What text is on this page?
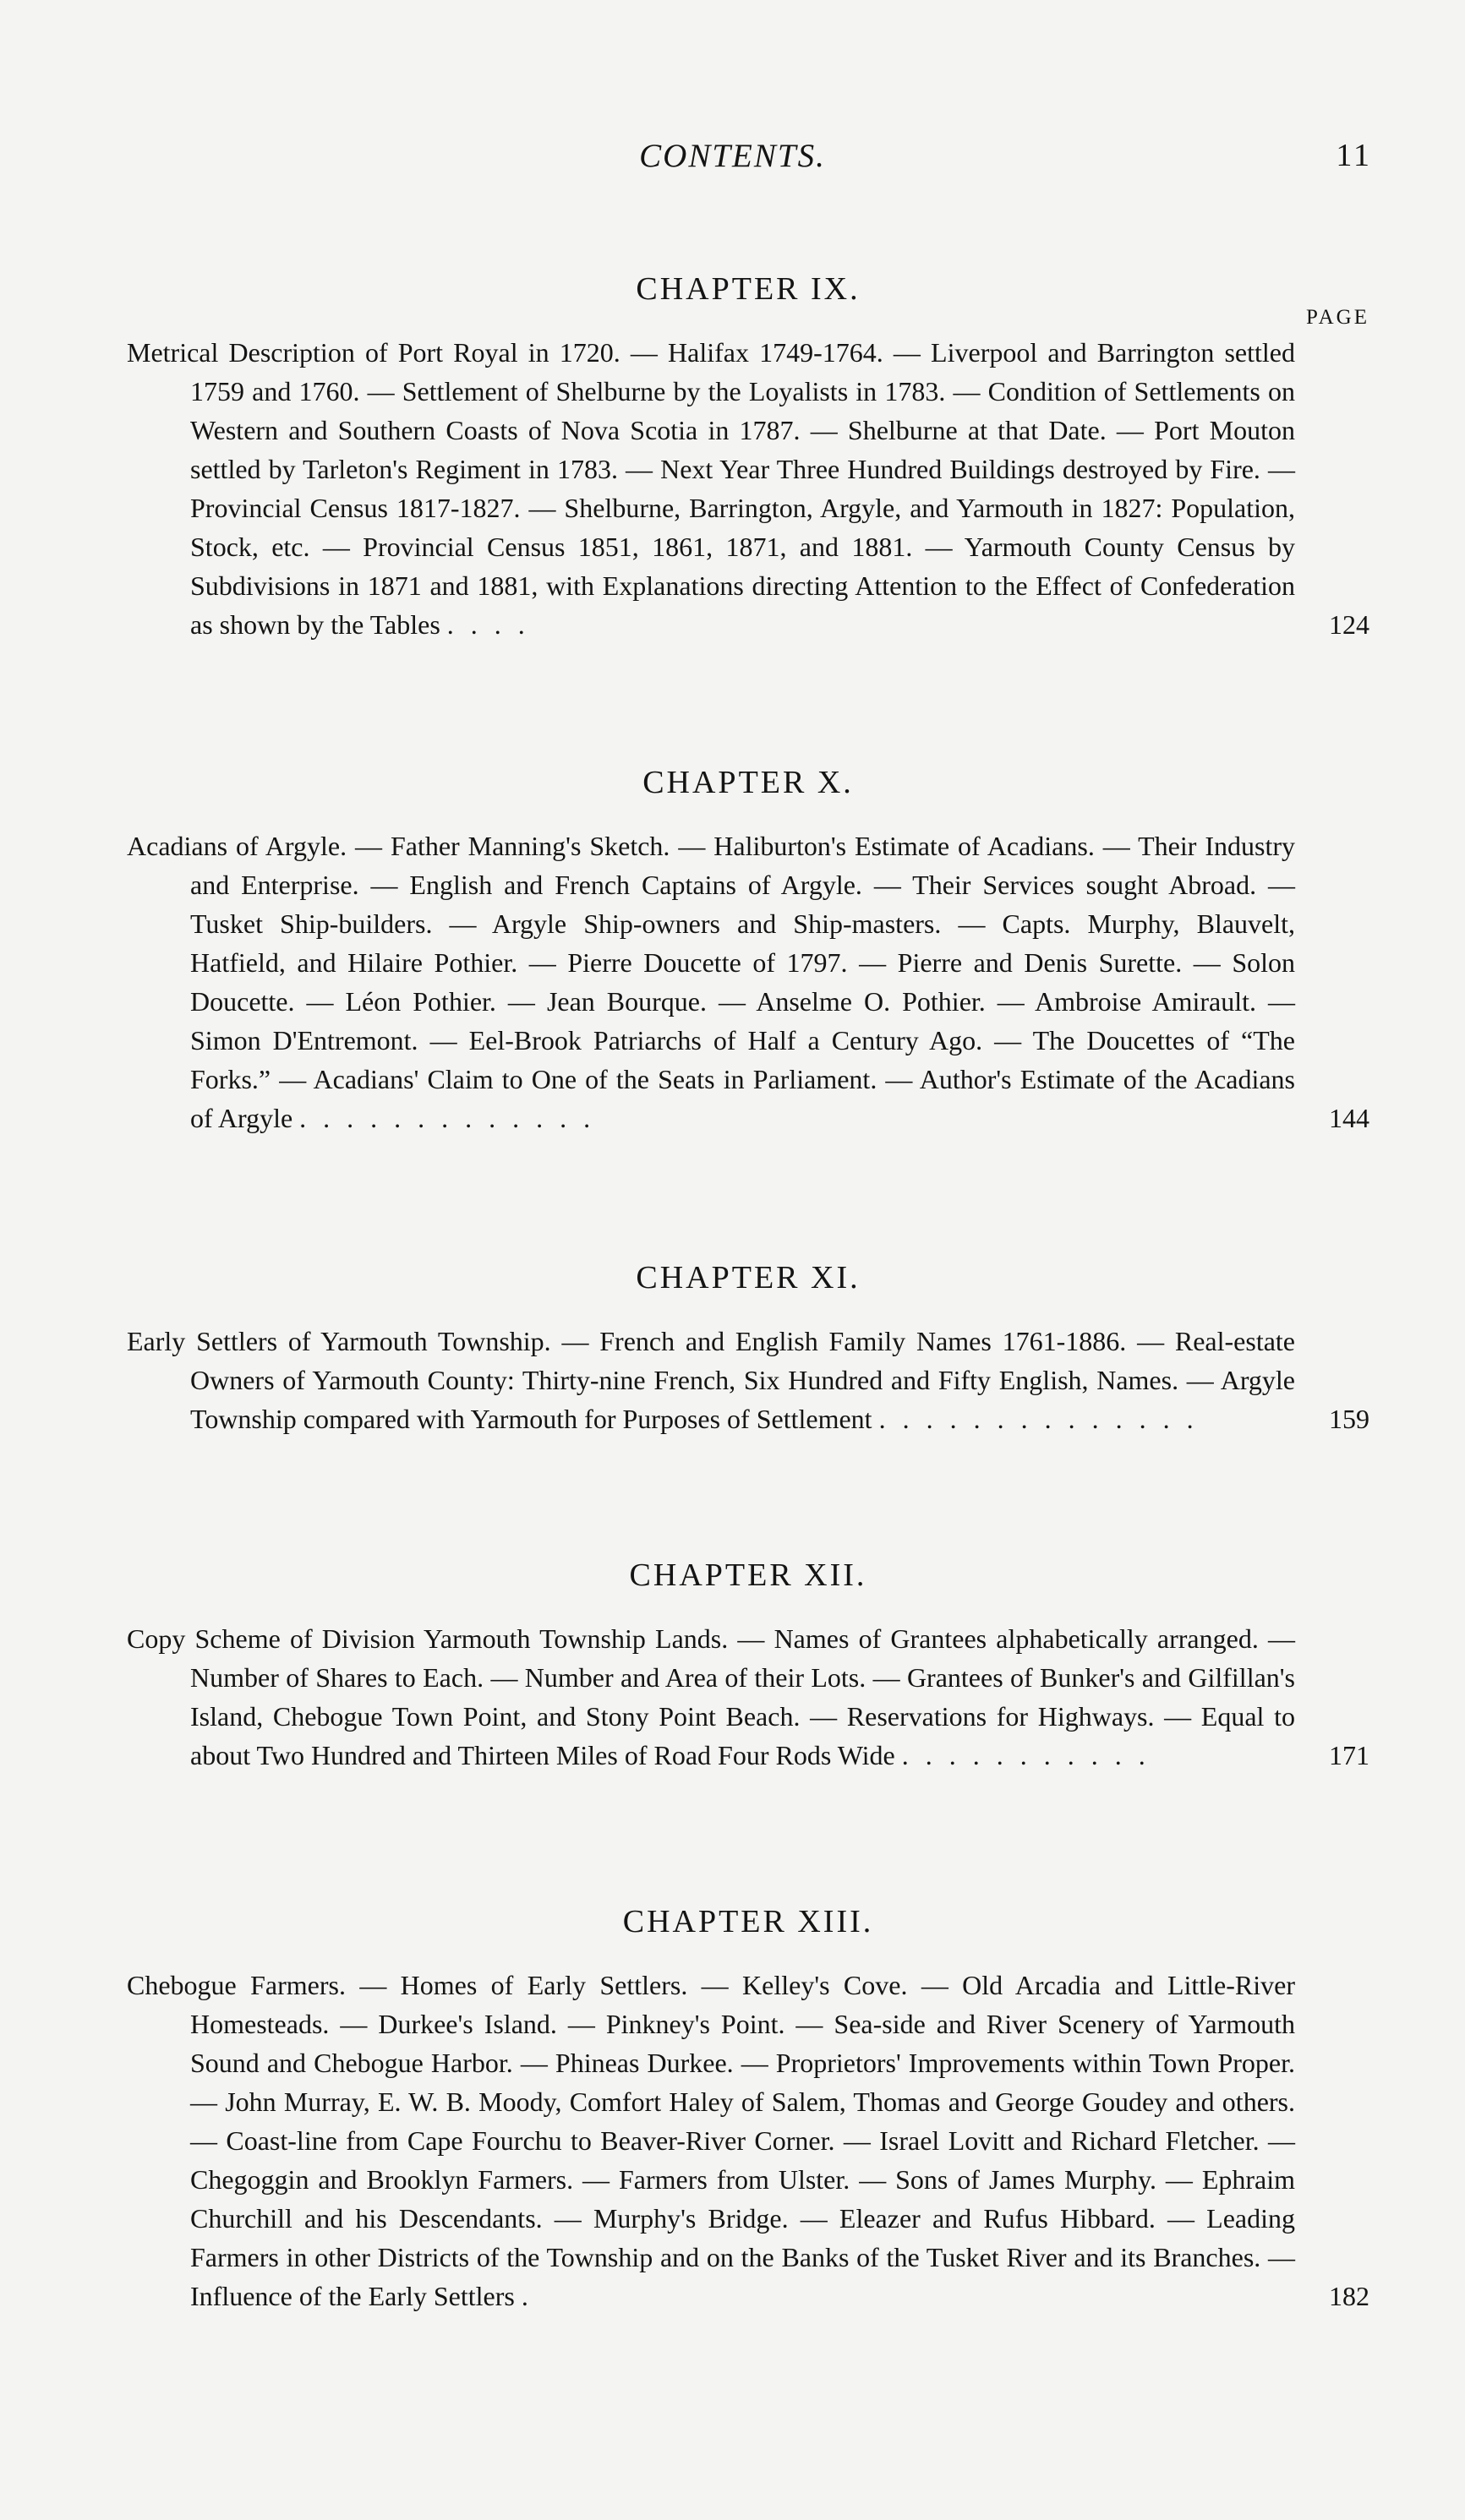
CONTENTS.	11
CHAPTER IX.
PAGE

Metrical Description of Port Royal in 1720. — Halifax 1749-1764. — Liverpool and Barrington settled 1759 and 1760. — Settlement of Shelburne by the Loyalists in 1783. — Condition of Settlements on Western and Southern Coasts of Nova Scotia in 1787. — Shelburne at that Date. — Port Mouton settled by Tarleton's Regiment in 1783. — Next Year Three Hundred Buildings destroyed by Fire. — Provincial Census 1817-1827. — Shelburne, Barrington, Argyle, and Yarmouth in 1827: Population, Stock, etc. — Provincial Census 1851, 1861, 1871, and 1881. — Yarmouth County Census by Subdivisions in 1871 and 1881, with Explanations directing Attention to the Effect of Confederation as shown by the Tables . . . .	124

CHAPTER X.

Acadians of Argyle. — Father Manning's Sketch. — Haliburton's Estimate of Acadians. — Their Industry and Enterprise. — English and French Captains of Argyle. — Their Services sought Abroad. — Tusket Ship-builders. — Argyle Ship-owners and Ship-masters. — Capts. Murphy, Blauvelt, Hatfield, and Hilaire Pothier. — Pierre Doucette of 1797. — Pierre and Denis Surette. — Solon Doucette. — Léon Pothier. — Jean Bourque. — Anselme O. Pothier. — Ambroise Amirault. — Simon D'Entremont. — Eel-Brook Patriarchs of Half a Century Ago. — The Doucettes of “The Forks.” — Acadians' Claim to One of the Seats in Parliament. — Author's Estimate of the Acadians of Argyle . . . . . . . . . . . . .	144

CHAPTER XI.

Early Settlers of Yarmouth Township. — French and English Family Names 1761-1886. — Real-estate Owners of Yarmouth County: Thirty-nine French, Six Hundred and Fifty English, Names. — Argyle Township compared with Yarmouth for Purposes of Settlement . . . . . . . . . . . . . .	159

CHAPTER XII.

Copy Scheme of Division Yarmouth Township Lands. — Names of Grantees alphabetically arranged. — Number of Shares to Each. — Number and Area of their Lots. — Grantees of Bunker's and Gilfillan's Island, Chebogue Town Point, and Stony Point Beach. — Reservations for Highways. — Equal to about Two Hundred and Thirteen Miles of Road Four Rods Wide . . . . . . . . . . .	171

CHAPTER XIII.

Chebogue Farmers. — Homes of Early Settlers. — Kelley's Cove. — Old Arcadia and Little-River Homesteads. — Durkee's Island. — Pinkney's Point. — Sea-side and River Scenery of Yarmouth Sound and Chebogue Harbor. — Phineas Durkee. — Proprietors' Improvements within Town Proper. — John Murray, E. W. B. Moody, Comfort Haley of Salem, Thomas and George Goudey and others. — Coast-line from Cape Fourchu to Beaver-River Corner. — Israel Lovitt and Richard Fletcher. — Chegoggin and Brooklyn Farmers. — Farmers from Ulster. — Sons of James Murphy. — Ephraim Churchill and his Descendants. — Murphy's Bridge. — Eleazer and Rufus Hibbard. — Leading Farmers in other Districts of the Township and on the Banks of the Tusket River and its Branches. — Influence of the Early Settlers .	182
